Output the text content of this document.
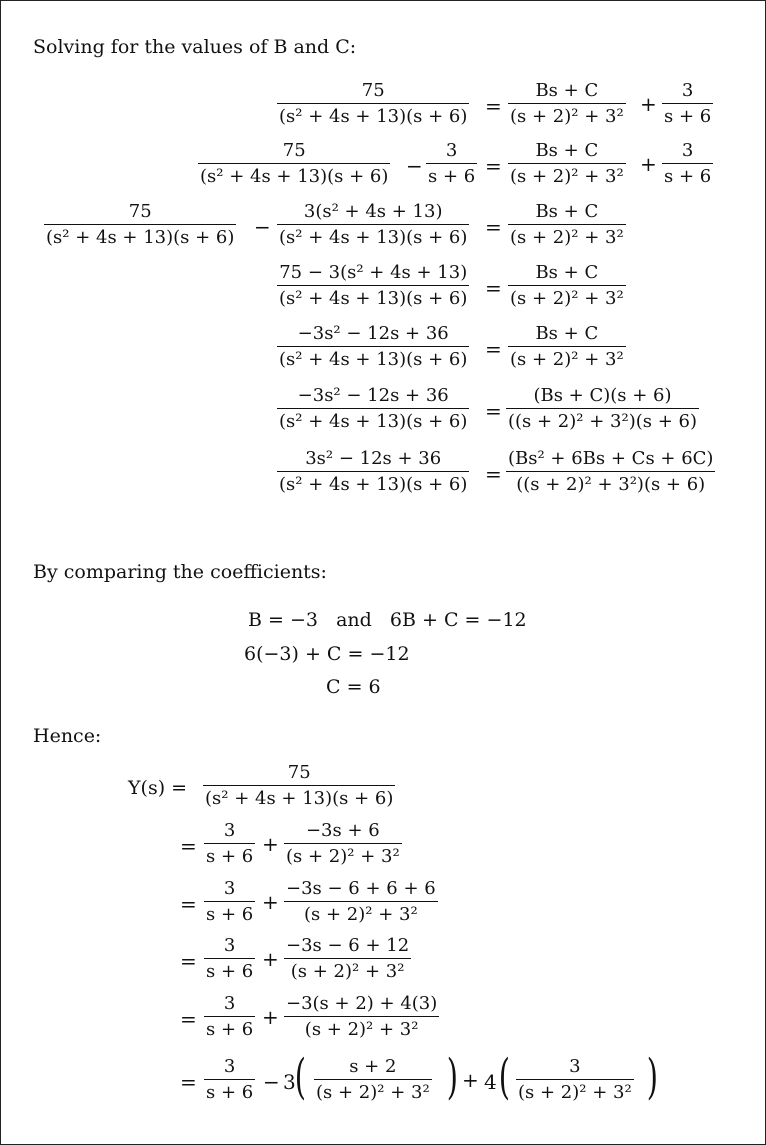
Solving for the values of B and C:
75
(s² + 4s + 13)(s + 6) =
Bs + C
(s + 2)² + 3²
+
3
s + 6
75
(s² + 4s + 13)(s + 6) −
3
s + 6 =
Bs + C
(s + 2)² + 3²
+
3
s + 6
75
(s² + 4s + 13)(s + 6) −
3(s² + 4s + 13)
(s² + 4s + 13)(s + 6) =
Bs + C
(s + 2)² + 3²
75 − 3(s² + 4s + 13)
(s² + 4s + 13)(s + 6) =
Bs + C
(s + 2)² + 3²
−3s² − 12s + 36
(s² + 4s + 13)(s + 6) =
Bs + C
(s + 2)² + 3²
−3s² − 12s + 36
(s² + 4s + 13)(s + 6) =
(Bs + C)(s + 6)
((s + 2)² + 3²)(s + 6)
3s² − 12s + 36
(s² + 4s + 13)(s + 6) =
(Bs² + 6Bs + Cs + 6C)
((s + 2)² + 3²)(s + 6)
By comparing the coefficients:
B = −3   and   6B + C = −12
6(−3) + C = −12
C = 6
Hence:
Y(s) =
75
(s² + 4s + 13)(s + 6)
=
3
s + 6
+
−3s + 6
(s + 2)² + 3²
=
3
s + 6
+
−3s − 6 + 6 + 6
(s + 2)² + 3²
=
3
s + 6
+
−3s − 6 + 12
(s + 2)² + 3²
=
3
s + 6
+
−3(s + 2) + 4(3)
(s + 2)² + 3²
=
3
s + 6 − 3 ( s + 2
(s + 2)² + 3² ) + 4 (	3
(s + 2)² + 3² )
